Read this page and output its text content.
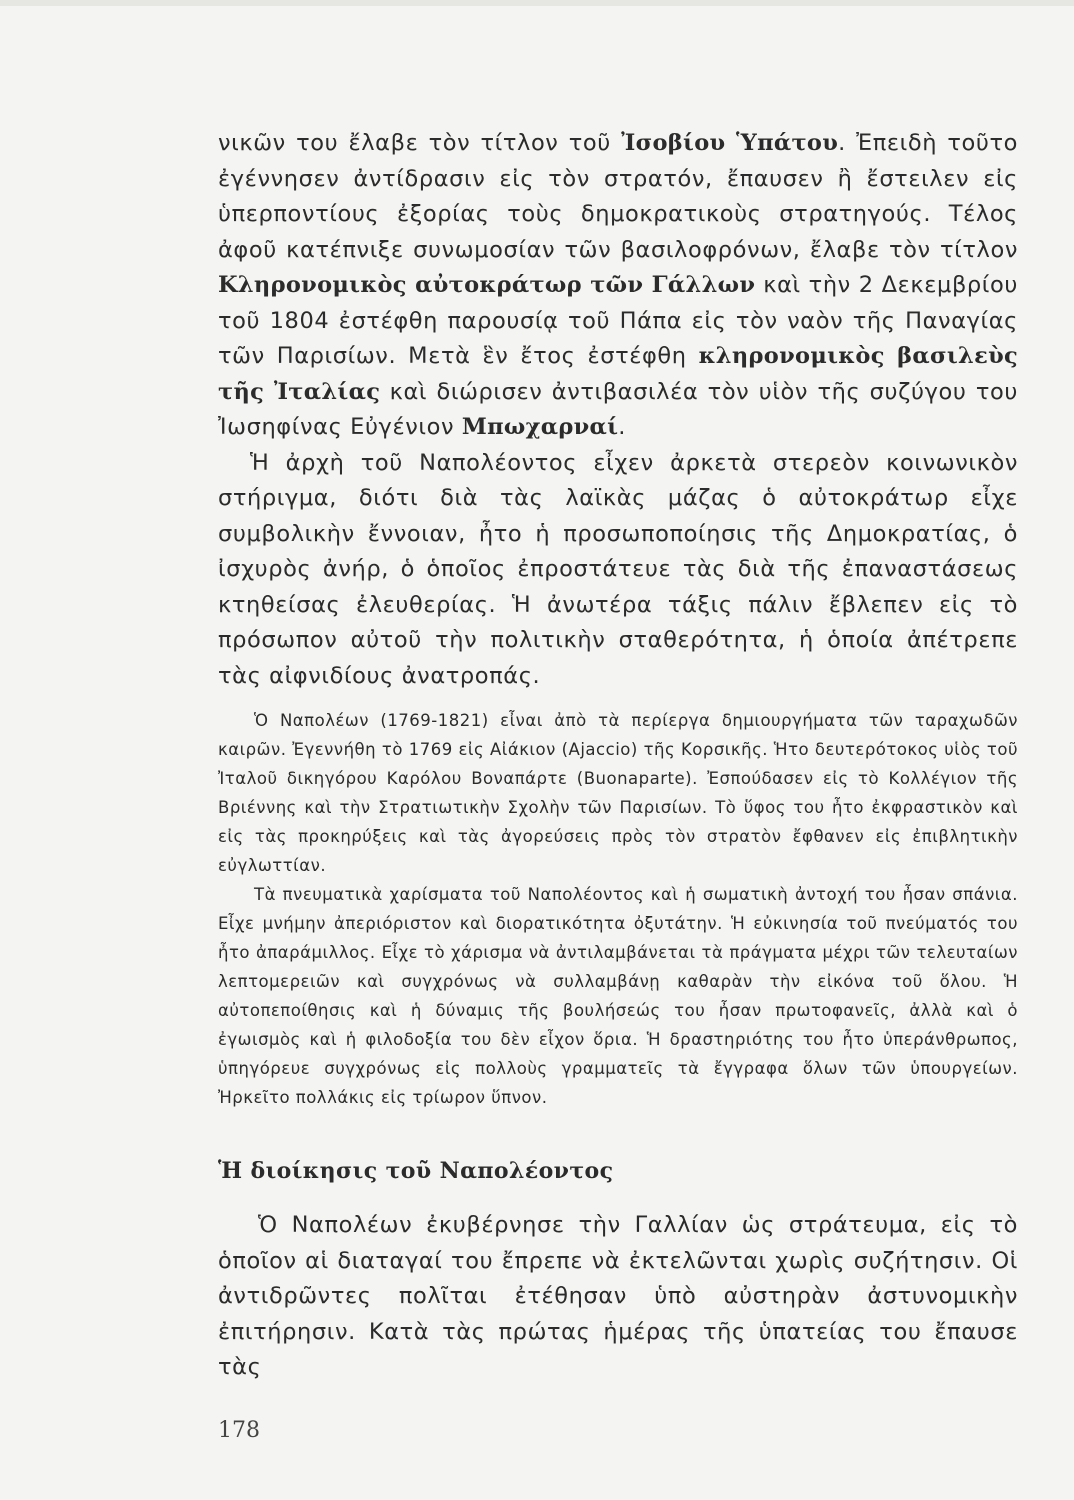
νικῶν του ἔλαβε τὸν τίτλον τοῦ Ἰσοβίου Ὑπάτου. Ἐπειδὴ τοῦτο ἐγέννησεν ἀντίδρασιν εἰς τὸν στρατόν, ἔπαυσεν ἢ ἔστειλεν εἰς ὑπερποντίους ἐξορίας τοὺς δημοκρατικοὺς στρατηγούς. Τέλος ἀφοῦ κατέπνιξε συνωμοσίαν τῶν βασιλοφρόνων, ἔλαβε τὸν τίτλον Κληρονομικὸς αὐτοκράτωρ τῶν Γάλλων καὶ τὴν 2 Δεκεμβρίου τοῦ 1804 ἐστέφθη παρουσίᾳ τοῦ Πάπα εἰς τὸν ναὸν τῆς Παναγίας τῶν Παρισίων. Μετὰ ἓν ἔτος ἐστέφθη κληρονομικὸς βασιλεὺς τῆς Ἰταλίας καὶ διώρισεν ἀντιβασιλέα τὸν υἱὸν τῆς συζύγου του Ἰωσηφίνας Εὐγένιον Μπωχαρναί.

Ἡ ἀρχὴ τοῦ Ναπολέοντος εἶχεν ἀρκετὰ στερεὸν κοινωνικὸν στήριγμα, διότι διὰ τὰς λαϊκὰς μάζας ὁ αὐτοκράτωρ εἶχε συμβολικὴν ἔννοιαν, ἦτο ἡ προσωποποίησις τῆς Δημοκρατίας, ὁ ἰσχυρὸς ἀνήρ, ὁ ὁποῖος ἐπροστάτευε τὰς διὰ τῆς ἐπαναστάσεως κτηθείσας ἐλευθερίας. Ἡ ἀνωτέρα τάξις πάλιν ἔβλεπεν εἰς τὸ πρόσωπον αὐτοῦ τὴν πολιτικὴν σταθερότητα, ἡ ὁποία ἀπέτρεπε τὰς αἰφνιδίους ἀνατροπάς.

Ὁ Ναπολέων (1769-1821) εἶναι ἀπὸ τὰ περίεργα δημιουργήματα τῶν ταραχωδῶν καιρῶν. Ἐγεννήθη τὸ 1769 εἰς Αἰάκιον (Ajaccio) τῆς Κορσικῆς. Ἡτο δευτερότοκος υἱὸς τοῦ Ἰταλοῦ δικηγόρου Καρόλου Βοναπάρτε (Buonaparte). Ἐσπούδασεν εἰς τὸ Κολλέγιον τῆς Βριέννης καὶ τὴν Στρατιωτικὴν Σχολὴν τῶν Παρισίων. Τὸ ὕφος του ἦτο ἐκφραστικὸν καὶ εἰς τὰς προκηρύξεις καὶ τὰς ἀγορεύσεις πρὸς τὸν στρατὸν ἔφθανεν εἰς ἐπιβλητικὴν εὐγλωττίαν.

Τὰ πνευματικὰ χαρίσματα τοῦ Ναπολέοντος καὶ ἡ σωματικὴ ἀντοχή του ἦσαν σπάνια. Εἶχε μνήμην ἀπεριόριστον καὶ διορατικότητα ὀξυτάτην. Ἡ εὐκινησία τοῦ πνεύματός του ἦτο ἀπαράμιλλος. Εἶχε τὸ χάρισμα νὰ ἀντιλαμβάνεται τὰ πράγματα μέχρι τῶν τελευταίων λεπτομερειῶν καὶ συγχρόνως νὰ συλλαμβάνῃ καθαρὰν τὴν εἰκόνα τοῦ ὅλου. Ἡ αὐτοπεποίθησις καὶ ἡ δύναμις τῆς βουλήσεώς του ἦσαν πρωτοφανεῖς, ἀλλὰ καὶ ὁ ἐγωισμὸς καὶ ἡ φιλοδοξία του δὲν εἶχον ὅρια. Ἡ δραστηριότης του ἦτο ὑπεράνθρωπος, ὑπηγόρευε συγχρόνως εἰς πολλοὺς γραμματεῖς τὰ ἔγγραφα ὅλων τῶν ὑπουργείων. Ἠρκεῖτο πολλάκις εἰς τρίωρον ὕπνον.

Ἡ διοίκησις τοῦ Ναπολέοντος

Ὁ Ναπολέων ἐκυβέρνησε τὴν Γαλλίαν ὡς στράτευμα, εἰς τὸ ὁποῖον αἱ διαταγαί του ἔπρεπε νὰ ἐκτελῶνται χωρὶς συζήτησιν. Οἱ ἀντιδρῶντες πολῖται ἐτέθησαν ὑπὸ αὐστηρὰν ἀστυνομικὴν ἐπιτήρησιν. Κατὰ τὰς πρώτας ἡμέρας τῆς ὑπατείας του ἔπαυσε τὰς

178
